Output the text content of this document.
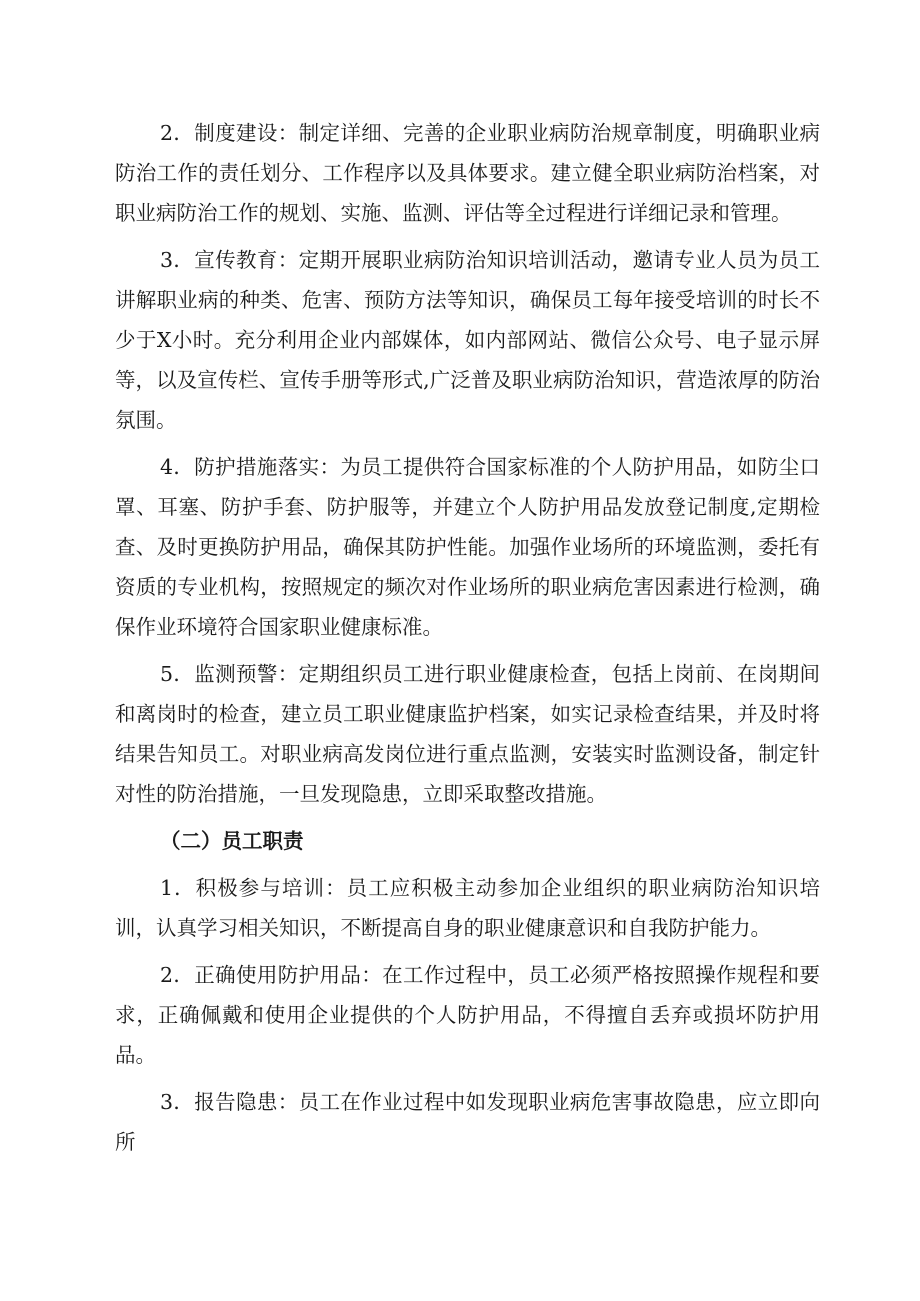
2．制度建设：制定详细、完善的企业职业病防治规章制度，明确职业病防治工作的责任划分、工作程序以及具体要求。建立健全职业病防治档案，对职业病防治工作的规划、实施、监测、评估等全过程进行详细记录和管理。

3．宣传教育：定期开展职业病防治知识培训活动，邀请专业人员为员工讲解职业病的种类、危害、预防方法等知识，确保员工每年接受培训的时长不少于X小时。充分利用企业内部媒体，如内部网站、微信公众号、电子显示屏等，以及宣传栏、宣传手册等形式,广泛普及职业病防治知识，营造浓厚的防治氛围。

4．防护措施落实：为员工提供符合国家标准的个人防护用品，如防尘口罩、耳塞、防护手套、防护服等，并建立个人防护用品发放登记制度,定期检查、及时更换防护用品，确保其防护性能。加强作业场所的环境监测，委托有资质的专业机构，按照规定的频次对作业场所的职业病危害因素进行检测，确保作业环境符合国家职业健康标准。

5．监测预警：定期组织员工进行职业健康检查，包括上岗前、在岗期间和离岗时的检查，建立员工职业健康监护档案，如实记录检查结果，并及时将结果告知员工。对职业病高发岗位进行重点监测，安装实时监测设备，制定针对性的防治措施，一旦发现隐患，立即采取整改措施。

（二）员工职责

1．积极参与培训：员工应积极主动参加企业组织的职业病防治知识培训，认真学习相关知识，不断提高自身的职业健康意识和自我防护能力。

2．正确使用防护用品：在工作过程中，员工必须严格按照操作规程和要求，正确佩戴和使用企业提供的个人防护用品，不得擅自丢弃或损坏防护用品。

3．报告隐患：员工在作业过程中如发现职业病危害事故隐患，应立即向所
